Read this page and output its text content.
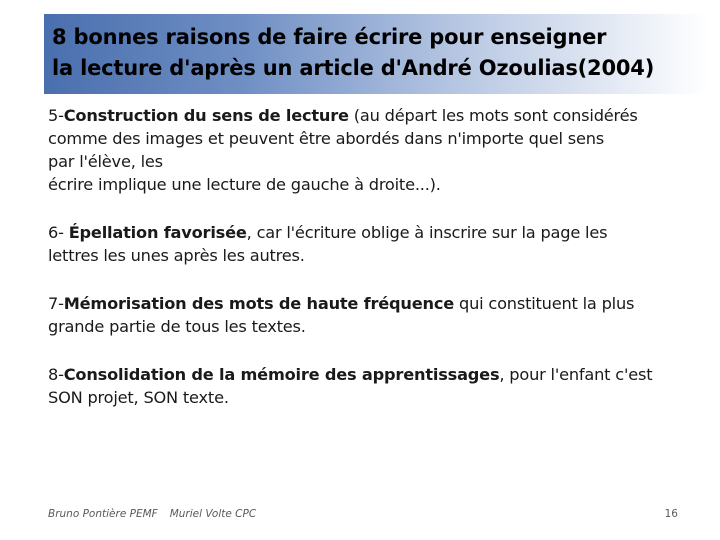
8 bonnes raisons de faire écrire pour enseigner
la lecture d'après un article d'André Ozoulias(2004)

5-Construction du sens de lecture (au départ les mots sont considérés
comme des images et peuvent être abordés dans n'importe quel sens
par l'élève, les
écrire implique une lecture de gauche à droite...).

6- Épellation favorisée, car l'écriture oblige à inscrire sur la page les
lettres les unes après les autres.

7-Mémorisation des mots de haute fréquence qui constituent la plus
grande partie de tous les textes.

8-Consolidation de la mémoire des apprentissages, pour l'enfant c'est
SON projet, SON texte.

Bruno Pontière PEMF Muriel Volte CPC	16
